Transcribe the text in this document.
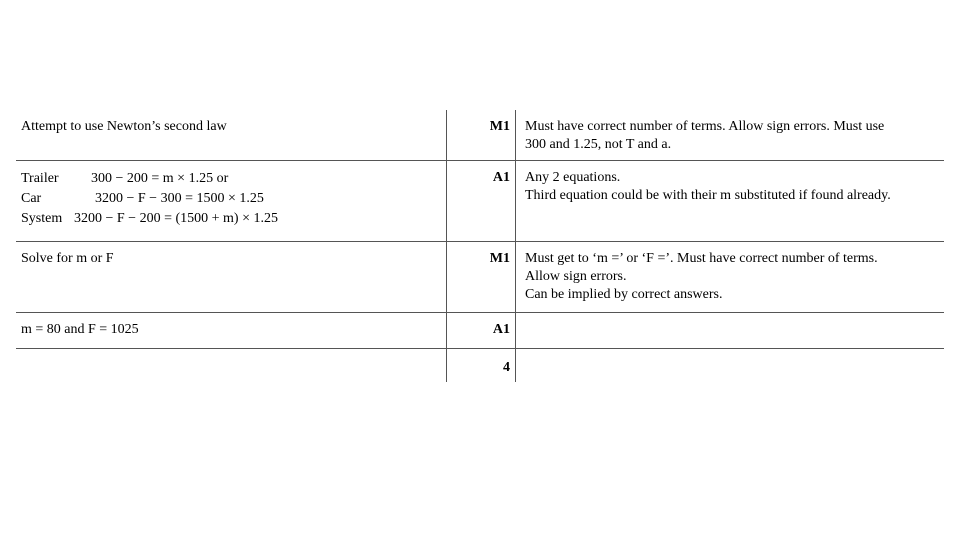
Attempt to use Newton’s second law	M1 Must have correct number of terms. Allow sign errors. Must use
300 and 1.25, not T and a.
Trailer	300 − 200 = m × 1.25 or
Car	3200 − F − 300 = 1500 × 1.25
System 3200 − F − 200 = (1500 + m) × 1.25
A1 Any 2 equations.
Third equation could be with their m substituted if found already.
Solve for m or F	M1 Must get to ‘m =’ or ‘F =’. Must have correct number of terms.
Allow sign errors.
Can be implied by correct answers.
m = 80 and F = 1025	A1
4
